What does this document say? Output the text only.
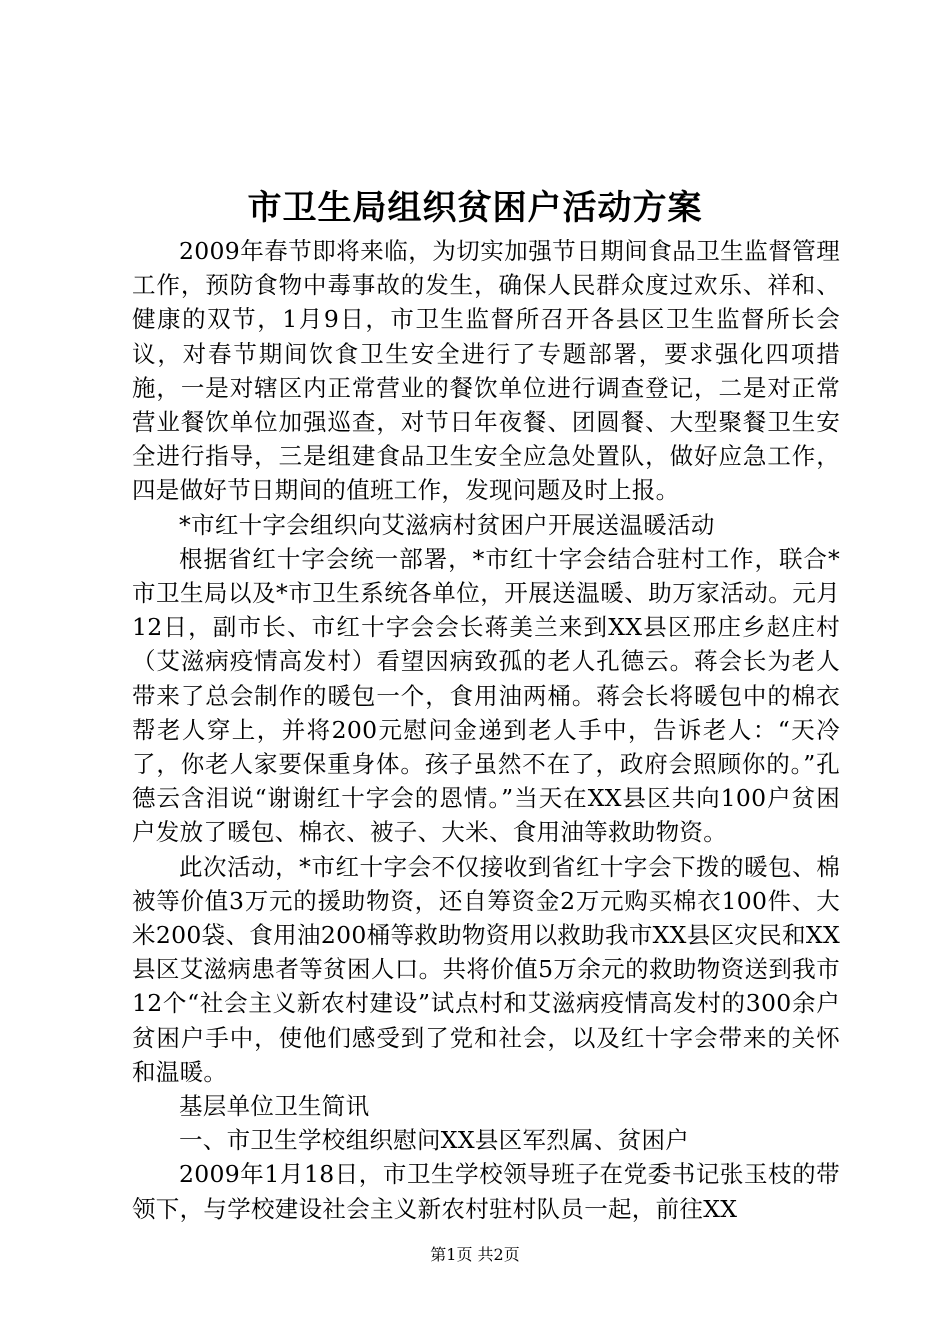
市卫生局组织贫困户活动方案

2009年春节即将来临，为切实加强节日期间食品卫生监督管理工作，预防食物中毒事故的发生，确保人民群众度过欢乐、祥和、健康的双节，1月9日，市卫生监督所召开各县区卫生监督所长会议，对春节期间饮食卫生安全进行了专题部署，要求强化四项措施，一是对辖区内正常营业的餐饮单位进行调查登记，二是对正常营业餐饮单位加强巡查，对节日年夜餐、团圆餐、大型聚餐卫生安全进行指导，三是组建食品卫生安全应急处置队，做好应急工作，四是做好节日期间的值班工作，发现问题及时上报。

*市红十字会组织向艾滋病村贫困户开展送温暖活动

根据省红十字会统一部署，*市红十字会结合驻村工作，联合*市卫生局以及*市卫生系统各单位，开展送温暖、助万家活动。元月12日，副市长、市红十字会会长蒋美兰来到XX县区邢庄乡赵庄村（艾滋病疫情高发村）看望因病致孤的老人孔德云。蒋会长为老人带来了总会制作的暖包一个，食用油两桶。蒋会长将暖包中的棉衣帮老人穿上，并将200元慰问金递到老人手中，告诉老人：“天冷了，你老人家要保重身体。孩子虽然不在了，政府会照顾你的。”孔德云含泪说“谢谢红十字会的恩情。”当天在XX县区共向100户贫困户发放了暖包、棉衣、被子、大米、食用油等救助物资。

此次活动，*市红十字会不仅接收到省红十字会下拨的暖包、棉被等价值3万元的援助物资，还自筹资金2万元购买棉衣100件、大米200袋、食用油200桶等救助物资用以救助我市XX县区灾民和XX县区艾滋病患者等贫困人口。共将价值5万余元的救助物资送到我市12个“社会主义新农村建设”试点村和艾滋病疫情高发村的300余户贫困户手中，使他们感受到了党和社会，以及红十字会带来的关怀和温暖。

基层单位卫生简讯

一、市卫生学校组织慰问XX县区军烈属、贫困户

2009年1月18日，市卫生学校领导班子在党委书记张玉枝的带领下，与学校建设社会主义新农村驻村队员一起，前往XX

第1页 共2页
